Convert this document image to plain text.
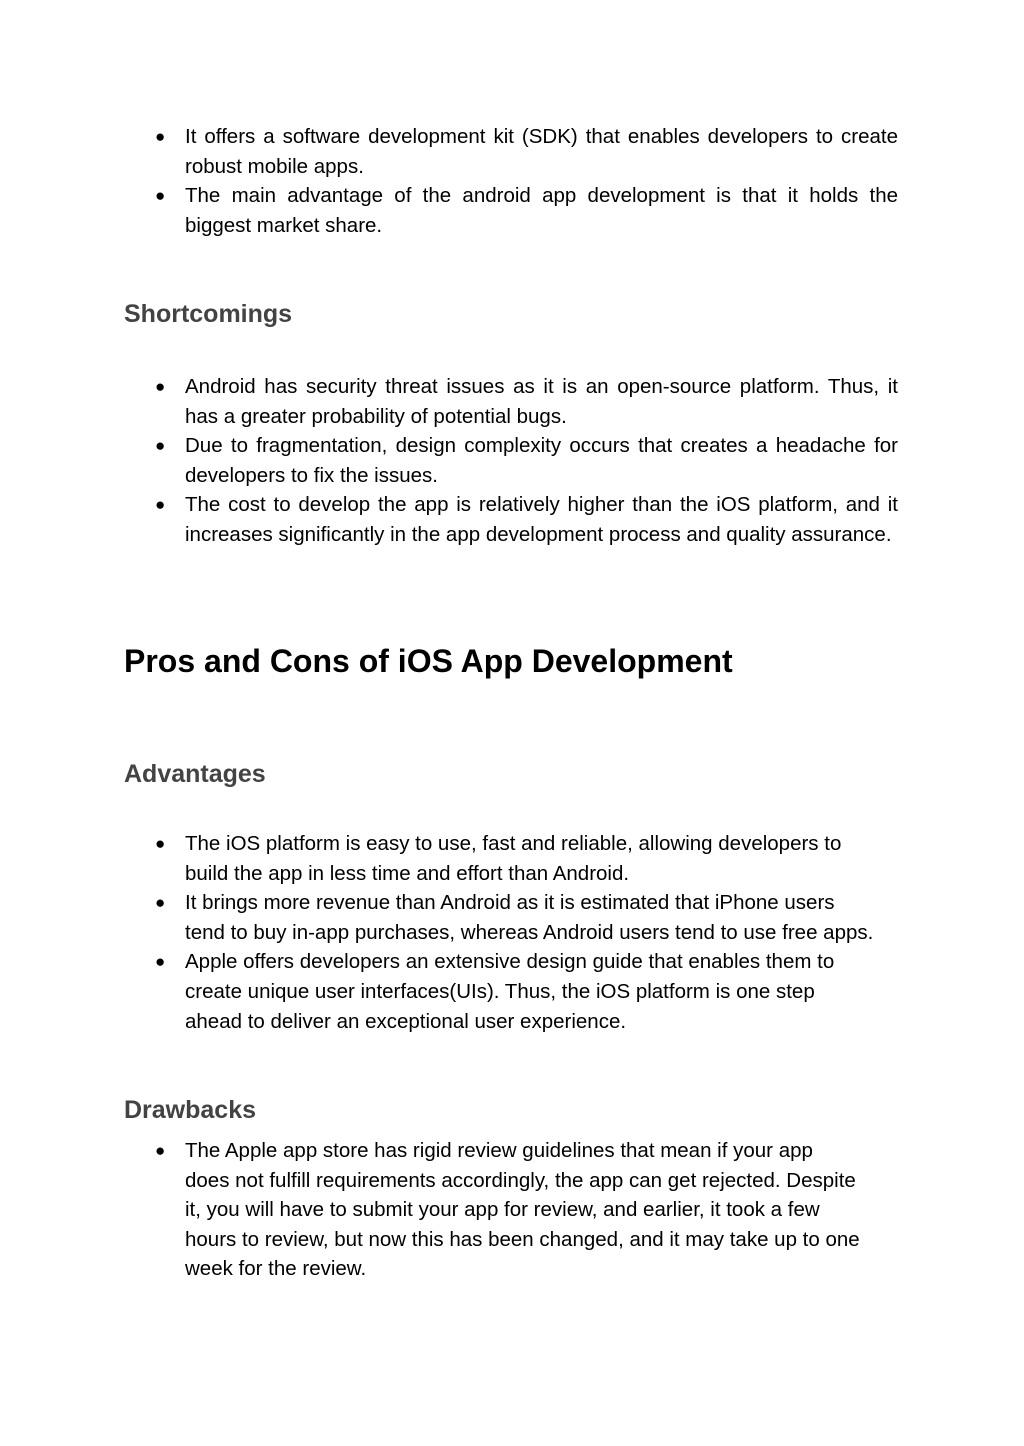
● It offers a software development kit (SDK) that enables developers to create robust mobile apps.
● The main advantage of the android app development is that it holds the biggest market share.
Shortcomings
● Android has security threat issues as it is an open-source platform. Thus, it has a greater probability of potential bugs.
● Due to fragmentation, design complexity occurs that creates a headache for developers to fix the issues.
● The cost to develop the app is relatively higher than the iOS platform, and it increases significantly in the app development process and quality assurance.
Pros and Cons of iOS App Development
Advantages
● The iOS platform is easy to use, fast and reliable, allowing developers to build the app in less time and effort than Android.
● It brings more revenue than Android as it is estimated that iPhone users tend to buy in-app purchases, whereas Android users tend to use free apps.
● Apple offers developers an extensive design guide that enables them to create unique user interfaces(UIs). Thus, the iOS platform is one step ahead to deliver an exceptional user experience.
Drawbacks
● The Apple app store has rigid review guidelines that mean if your app does not fulfill requirements accordingly, the app can get rejected. Despite it, you will have to submit your app for review, and earlier, it took a few hours to review, but now this has been changed, and it may take up to one week for the review.
